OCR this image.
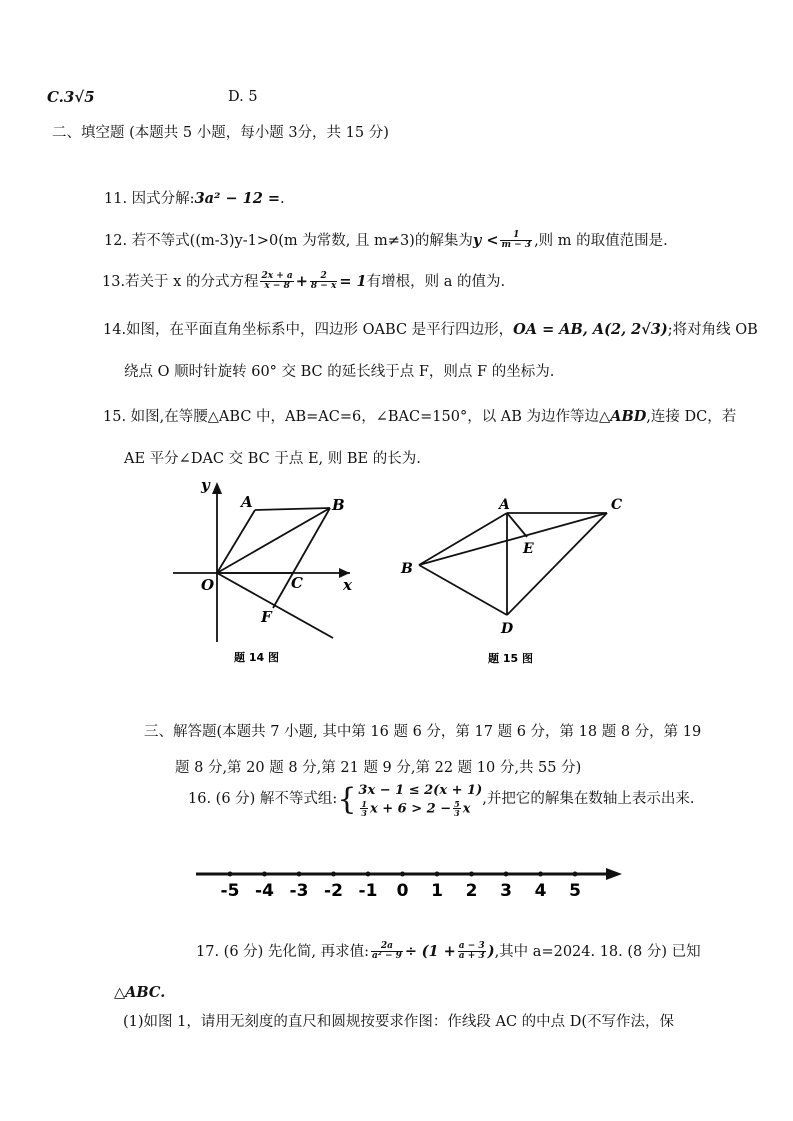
C.3√5	D. 5
二、填空题 (本题共 5 小题，每小题 3分，共 15 分)
11. 因式分解:3a² − 12 =.
12. 若不等式((m-3)y-1>0(m 为常数, 且 m≠3)的解集为$y < \frac{1}{m - 3}$ ,则 m 的取值范围是.
13.若关于 x 的分式方程 $\frac{2x + a}{x - 8} + \frac{2}{8 - x} = 1$有增根，则 a 的值为.
14.如图，在平面直角坐标系中，四边形 OABC 是平行四边形，OA = AB, A(2, 2√3);将对角线 OB
绕点 O 顺时针旋转 60° 交 BC 的延长线于点 F，则点 F 的坐标为.
15. 如图,在等腰△ABC 中，AB=AC=6，∠BAC=150°，以 AB 为边作等边△ABD,连接 DC，若
AE 平分∠DAC 交 BC 于点 E, 则 BE 的长为.
y
x
O
A	B
C
F
题 14 图
A
B
C
D
E
题 15 图
三、解答题(本题共 7 小题, 其中第 16 题 6 分，第 17 题 6 分，第 18 题 8 分，第 19
题 8 分,第 20 题 8 分,第 21 题 9 分,第 22 题 10 分,共 55 分)
16. (6 分) 解不等式组:{ 3x − 1 ≤ 2(x + 1)
$\frac{1}{3}$ $x + 6 > 2 - \frac{5}{3}$ x
,并把它的解集在数轴上表示出来.
-5 -4 -3 -2 -1 0 1 2 3 4 5
17. (6 分) 先化简, 再求值: $\frac{2a}{\text{a² − 9}} \div (1 + \frac{a - 3}{a + 3}$ ),其中 a=2024. 18. (8 分) 已知
△ABC.
(1)如图 1，请用无刻度的直尺和圆规按要求作图：作线段 AC 的中点 D(不写作法，保
